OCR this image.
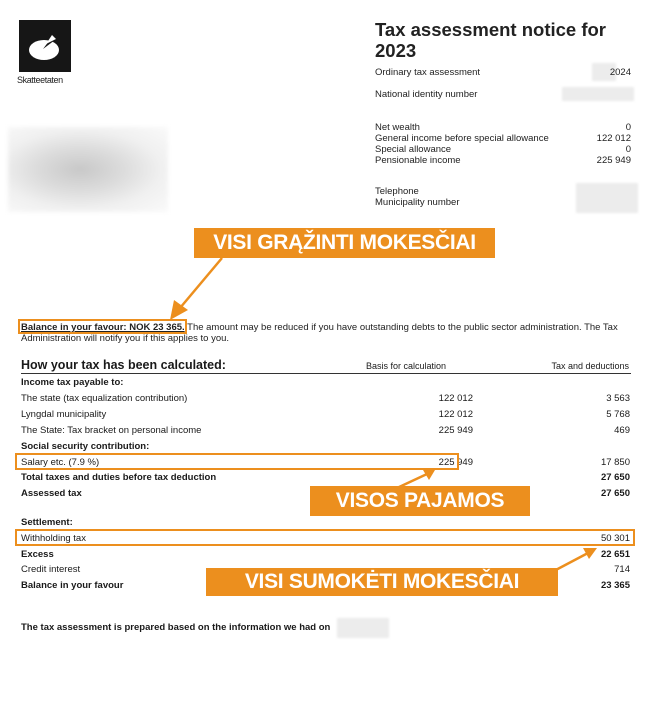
Skatteetaten
Tax assessment notice for 2023
Ordinary tax assessment	2024
National identity number
Net wealth	0
General income before special allowance	122 012
Special allowance	0
Pensionable income	225 949
Telephone
Municipality number
VISI GRĄŽINTI MOKESČIAI
Balance in your favour: NOK 23 365. The amount may be reduced if you have outstanding debts to the public sector administration. The Tax Administration will notify you if this applies to you.
How your tax has been calculated:	Basis for calculation	Tax and deductions
Income tax payable to:
The state (tax equalization contribution)	122 012	3 563
Lyngdal municipality	122 012	5 768
The State: Tax bracket on personal income	225 949	469
Social security contribution:
Salary etc. (7.9 %)	225 949	17 850
Total taxes and duties before tax deduction	27 650
Assessed tax	27 650
VISOS PAJAMOS
Settlement:
Withholding tax	50 301
Excess	22 651
Credit interest	714
Balance in your favour	23 365
VISI SUMOKĖTI MOKESČIAI
The tax assessment is prepared based on the information we had on
